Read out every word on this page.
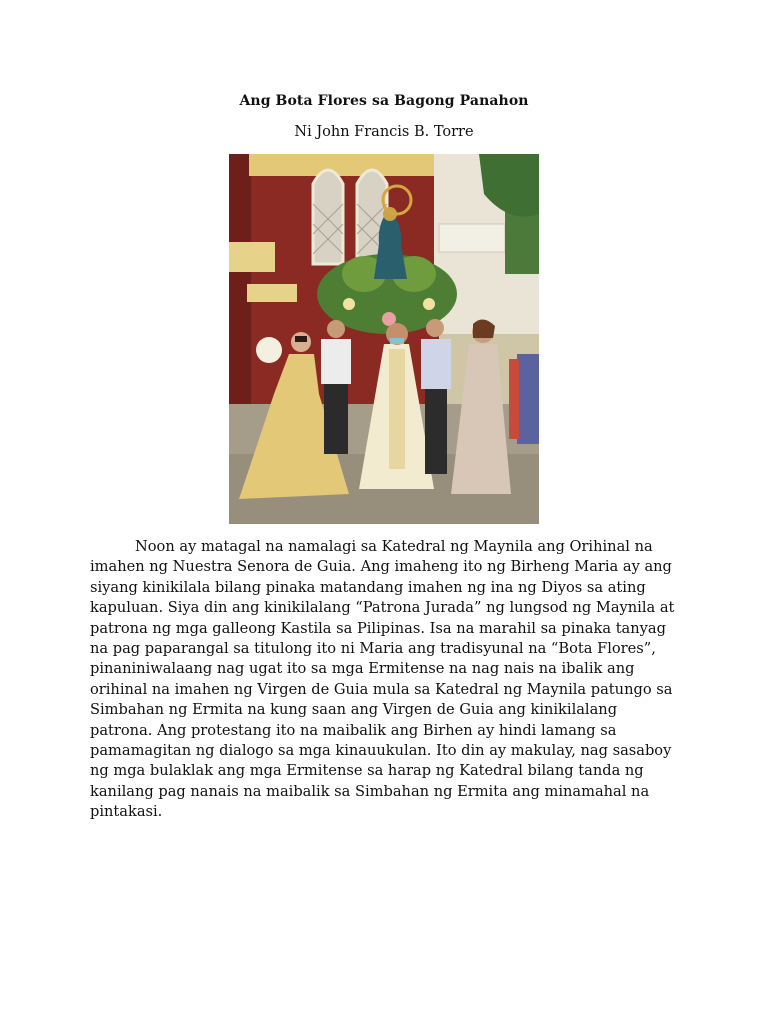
Ang Bota Flores sa Bagong Panahon
Ni John Francis B. Torre

Noon ay matagal na namalagi sa Katedral ng Maynila ang Orihinal na imahen ng Nuestra Senora de Guia. Ang imaheng ito ng Birheng Maria ay ang siyang kinikilala bilang pinaka matandang imahen ng ina ng Diyos sa ating kapuluan. Siya din ang kinikilalang “Patrona Jurada” ng lungsod ng Maynila at patrona ng mga galleong Kastila sa Pilipinas. Isa na marahil sa pinaka tanyag na pag paparangal sa titulong ito ni Maria ang tradisyunal na “Bota Flores”, pinaniniwalaang nag ugat ito sa mga Ermitense na nag nais na ibalik ang orihinal na imahen ng Virgen de Guia mula sa Katedral ng Maynila patungo sa Simbahan ng Ermita na kung saan ang Virgen de Guia ang kinikilalang patrona. Ang protestang ito na maibalik ang Birhen ay hindi lamang sa pamamagitan ng dialogo sa mga kinauukulan. Ito din ay makulay, nag sasaboy ng mga bulaklak ang mga Ermitense sa harap ng Katedral bilang tanda ng kanilang pag nanais na maibalik sa Simbahan ng Ermita ang minamahal na pintakasi.
